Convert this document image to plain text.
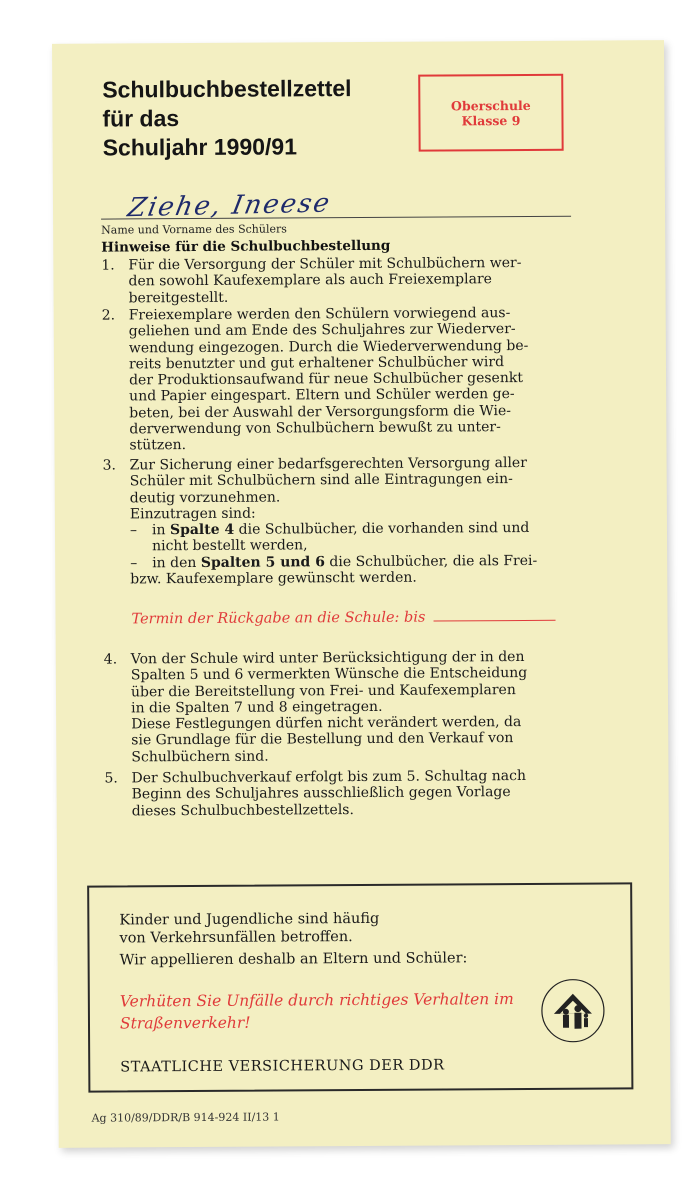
Schulbuchbestellzettel
für das
Schuljahr 1990/91
Oberschule
Klasse 9
Ziehe, Ineese
Name und Vorname des Schülers
Hinweise für die Schulbuchbestellung
1. Für die Versorgung der Schüler mit Schulbüchern wer-
den sowohl Kaufexemplare als auch Freiexemplare
bereitgestellt.
2. Freiexemplare werden den Schülern vorwiegend aus-
geliehen und am Ende des Schuljahres zur Wiederver-
wendung eingezogen. Durch die Wiederverwendung be-
reits benutzter und gut erhaltener Schulbücher wird
der Produktionsaufwand für neue Schulbücher gesenkt
und Papier eingespart. Eltern und Schüler werden ge-
beten, bei der Auswahl der Versorgungsform die Wie-
derverwendung von Schulbüchern bewußt zu unter-
stützen.
3. Zur Sicherung einer bedarfsgerechten Versorgung aller
Schüler mit Schulbüchern sind alle Eintragungen ein-
deutig vorzunehmen.
Einzutragen sind:
– in Spalte 4 die Schulbücher, die vorhanden sind und
nicht bestellt werden,
– in den Spalten 5 und 6 die Schulbücher, die als Frei-
bzw. Kaufexemplare gewünscht werden.
Termin der Rückgabe an die Schule: bis
4. Von der Schule wird unter Berücksichtigung der in den
Spalten 5 und 6 vermerkten Wünsche die Entscheidung
über die Bereitstellung von Frei- und Kaufexemplaren
in die Spalten 7 und 8 eingetragen.
Diese Festlegungen dürfen nicht verändert werden, da
sie Grundlage für die Bestellung und den Verkauf von
Schulbüchern sind.
5. Der Schulbuchverkauf erfolgt bis zum 5. Schultag nach
Beginn des Schuljahres ausschließlich gegen Vorlage
dieses Schulbuchbestellzettels.
Kinder und Jugendliche sind häufig
von Verkehrsunfällen betroffen.
Wir appellieren deshalb an Eltern und Schüler:
Verhüten Sie Unfälle durch richtiges Verhalten im
Straßenverkehr!
STAATLICHE VERSICHERUNG DER DDR
Ag 310/89/DDR/B 914-924 II/13 1
